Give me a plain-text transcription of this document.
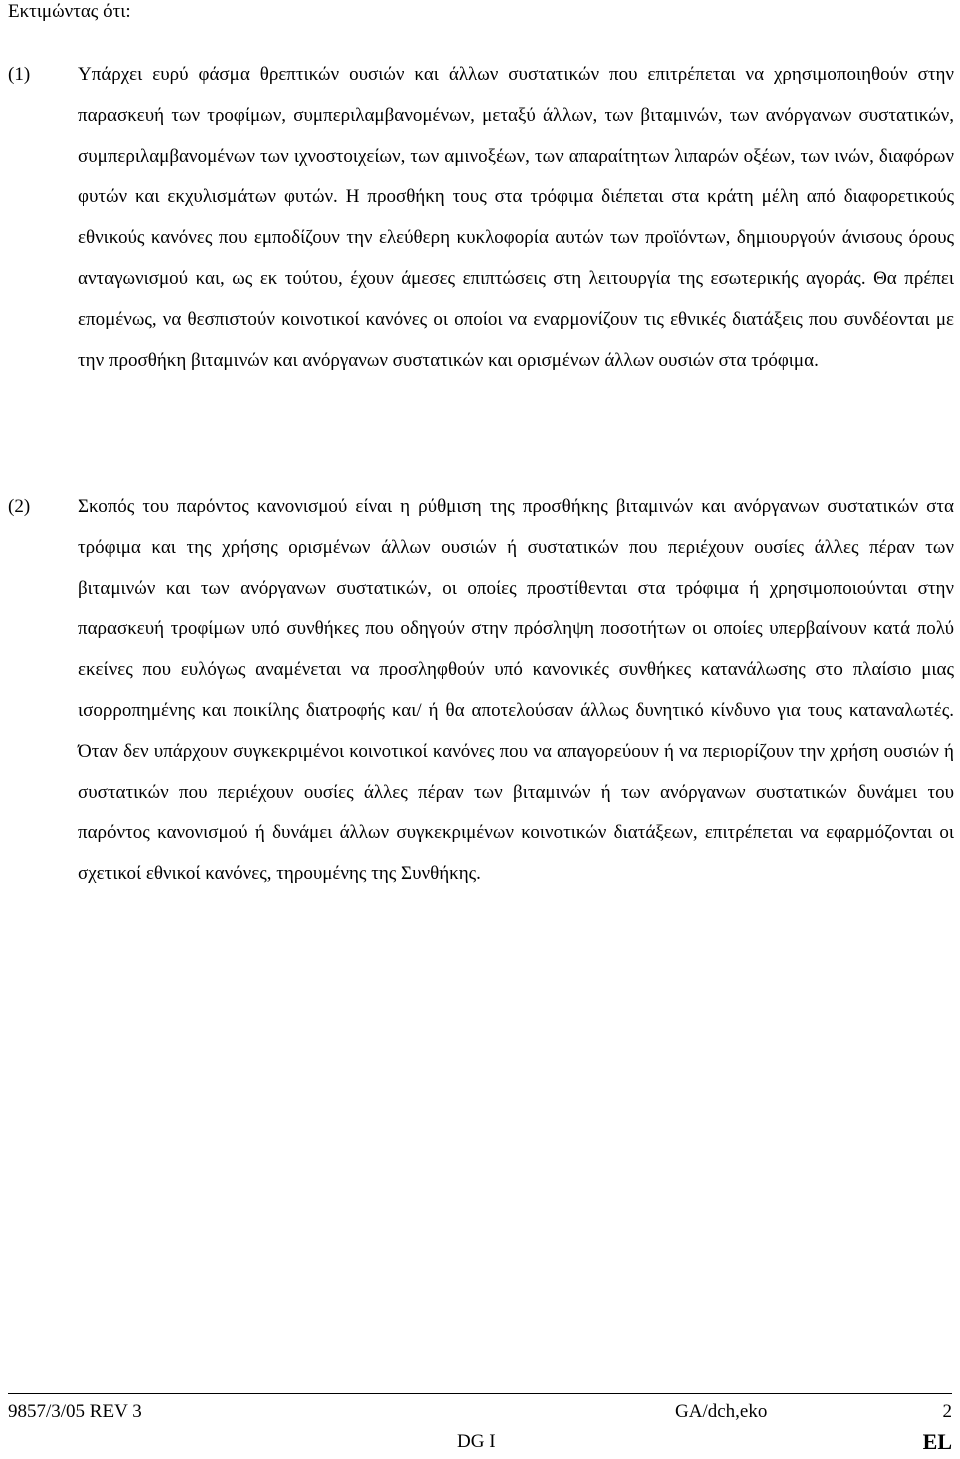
Εκτιμώντας ότι:

(1)	Υπάρχει ευρύ φάσμα θρεπτικών ουσιών και άλλων συστατικών που επιτρέπεται να χρησιμοποιηθούν στην παρασκευή των τροφίμων, συμπεριλαμβανομένων, μεταξύ άλλων, των βιταμινών, των ανόργανων συστατικών, συμπεριλαμβανομένων των ιχνοστοιχείων, των αμινοξέων, των απαραίτητων λιπαρών οξέων, των ινών, διαφόρων φυτών και εκχυλισμάτων φυτών. Η προσθήκη τους στα τρόφιμα διέπεται στα κράτη μέλη από διαφορετικούς εθνικούς κανόνες που εμποδίζουν την ελεύθερη κυκλοφορία αυτών των προϊόντων, δημιουργούν άνισους όρους ανταγωνισμού και, ως εκ τούτου, έχουν άμεσες επιπτώσεις στη λειτουργία της εσωτερικής αγοράς. Θα πρέπει επομένως, να θεσπιστούν κοινοτικοί κανόνες οι οποίοι να εναρμονίζουν τις εθνικές διατάξεις που συνδέονται με την προσθήκη βιταμινών και ανόργανων συστατικών και ορισμένων άλλων ουσιών στα τρόφιμα.

(2)	Σκοπός του παρόντος κανονισμού είναι η ρύθμιση της προσθήκης βιταμινών και ανόργανων συστατικών στα τρόφιμα και της χρήσης ορισμένων άλλων ουσιών ή συστατικών που περιέχουν ουσίες άλλες πέραν των βιταμινών και των ανόργανων συστατικών, οι οποίες προστίθενται στα τρόφιμα ή χρησιμοποιούνται στην παρασκευή τροφίμων υπό συνθήκες που οδηγούν στην πρόσληψη ποσοτήτων οι οποίες υπερβαίνουν κατά πολύ εκείνες που ευλόγως αναμένεται να προσληφθούν υπό κανονικές συνθήκες κατανάλωσης στο πλαίσιο μιας ισορροπημένης και ποικίλης διατροφής και/ ή θα αποτελούσαν άλλως δυνητικό κίνδυνο για τους καταναλωτές. Όταν δεν υπάρχουν συγκεκριμένοι κοινοτικοί κανόνες που να απαγορεύουν ή να περιορίζουν την χρήση ουσιών ή συστατικών που περιέχουν ουσίες άλλες πέραν των βιταμινών ή των ανόργανων συστατικών δυνάμει του παρόντος κανονισμού ή δυνάμει άλλων συγκεκριμένων κοινοτικών διατάξεων, επιτρέπεται να εφαρμόζονται οι σχετικοί εθνικοί κανόνες, τηρουμένης της Συνθήκης.

9857/3/05 REV 3	GA/dch,eko	2
DG I	EL
